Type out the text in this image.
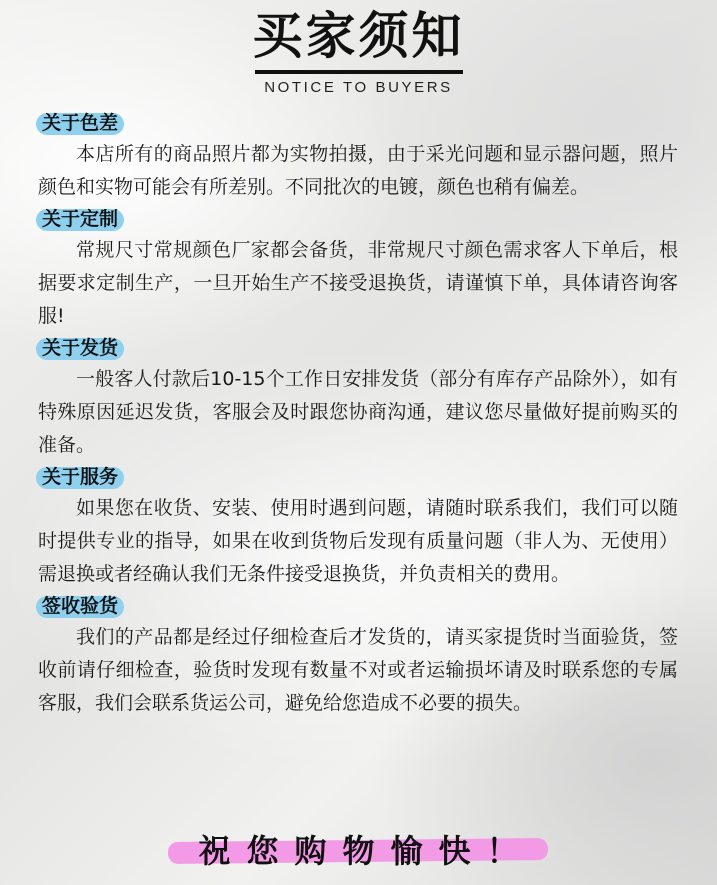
买家须知
NOTICE TO BUYERS
关于色差

本店所有的商品照片都为实物拍摄，由于采光问题和显示器问题，照片颜色和实物可能会有所差别。不同批次的电镀，颜色也稍有偏差。

关于定制

常规尺寸常规颜色厂家都会备货，非常规尺寸颜色需求客人下单后，根据要求定制生产，一旦开始生产不接受退换货，请谨慎下单，具体请咨询客服!

关于发货

一般客人付款后10-15个工作日安排发货（部分有库存产品除外），如有特殊原因延迟发货，客服会及时跟您协商沟通，建议您尽量做好提前购买的准备。

关于服务

如果您在收货、安装、使用时遇到问题，请随时联系我们，我们可以随时提供专业的指导，如果在收到货物后发现有质量问题（非人为、无使用）需退换或者经确认我们无条件接受退换货，并负责相关的费用。

签收验货

我们的产品都是经过仔细检查后才发货的，请买家提货时当面验货，签收前请仔细检查，验货时发现有数量不对或者运输损坏请及时联系您的专属客服，我们会联系货运公司，避免给您造成不必要的损失。

祝您购物愉快！
